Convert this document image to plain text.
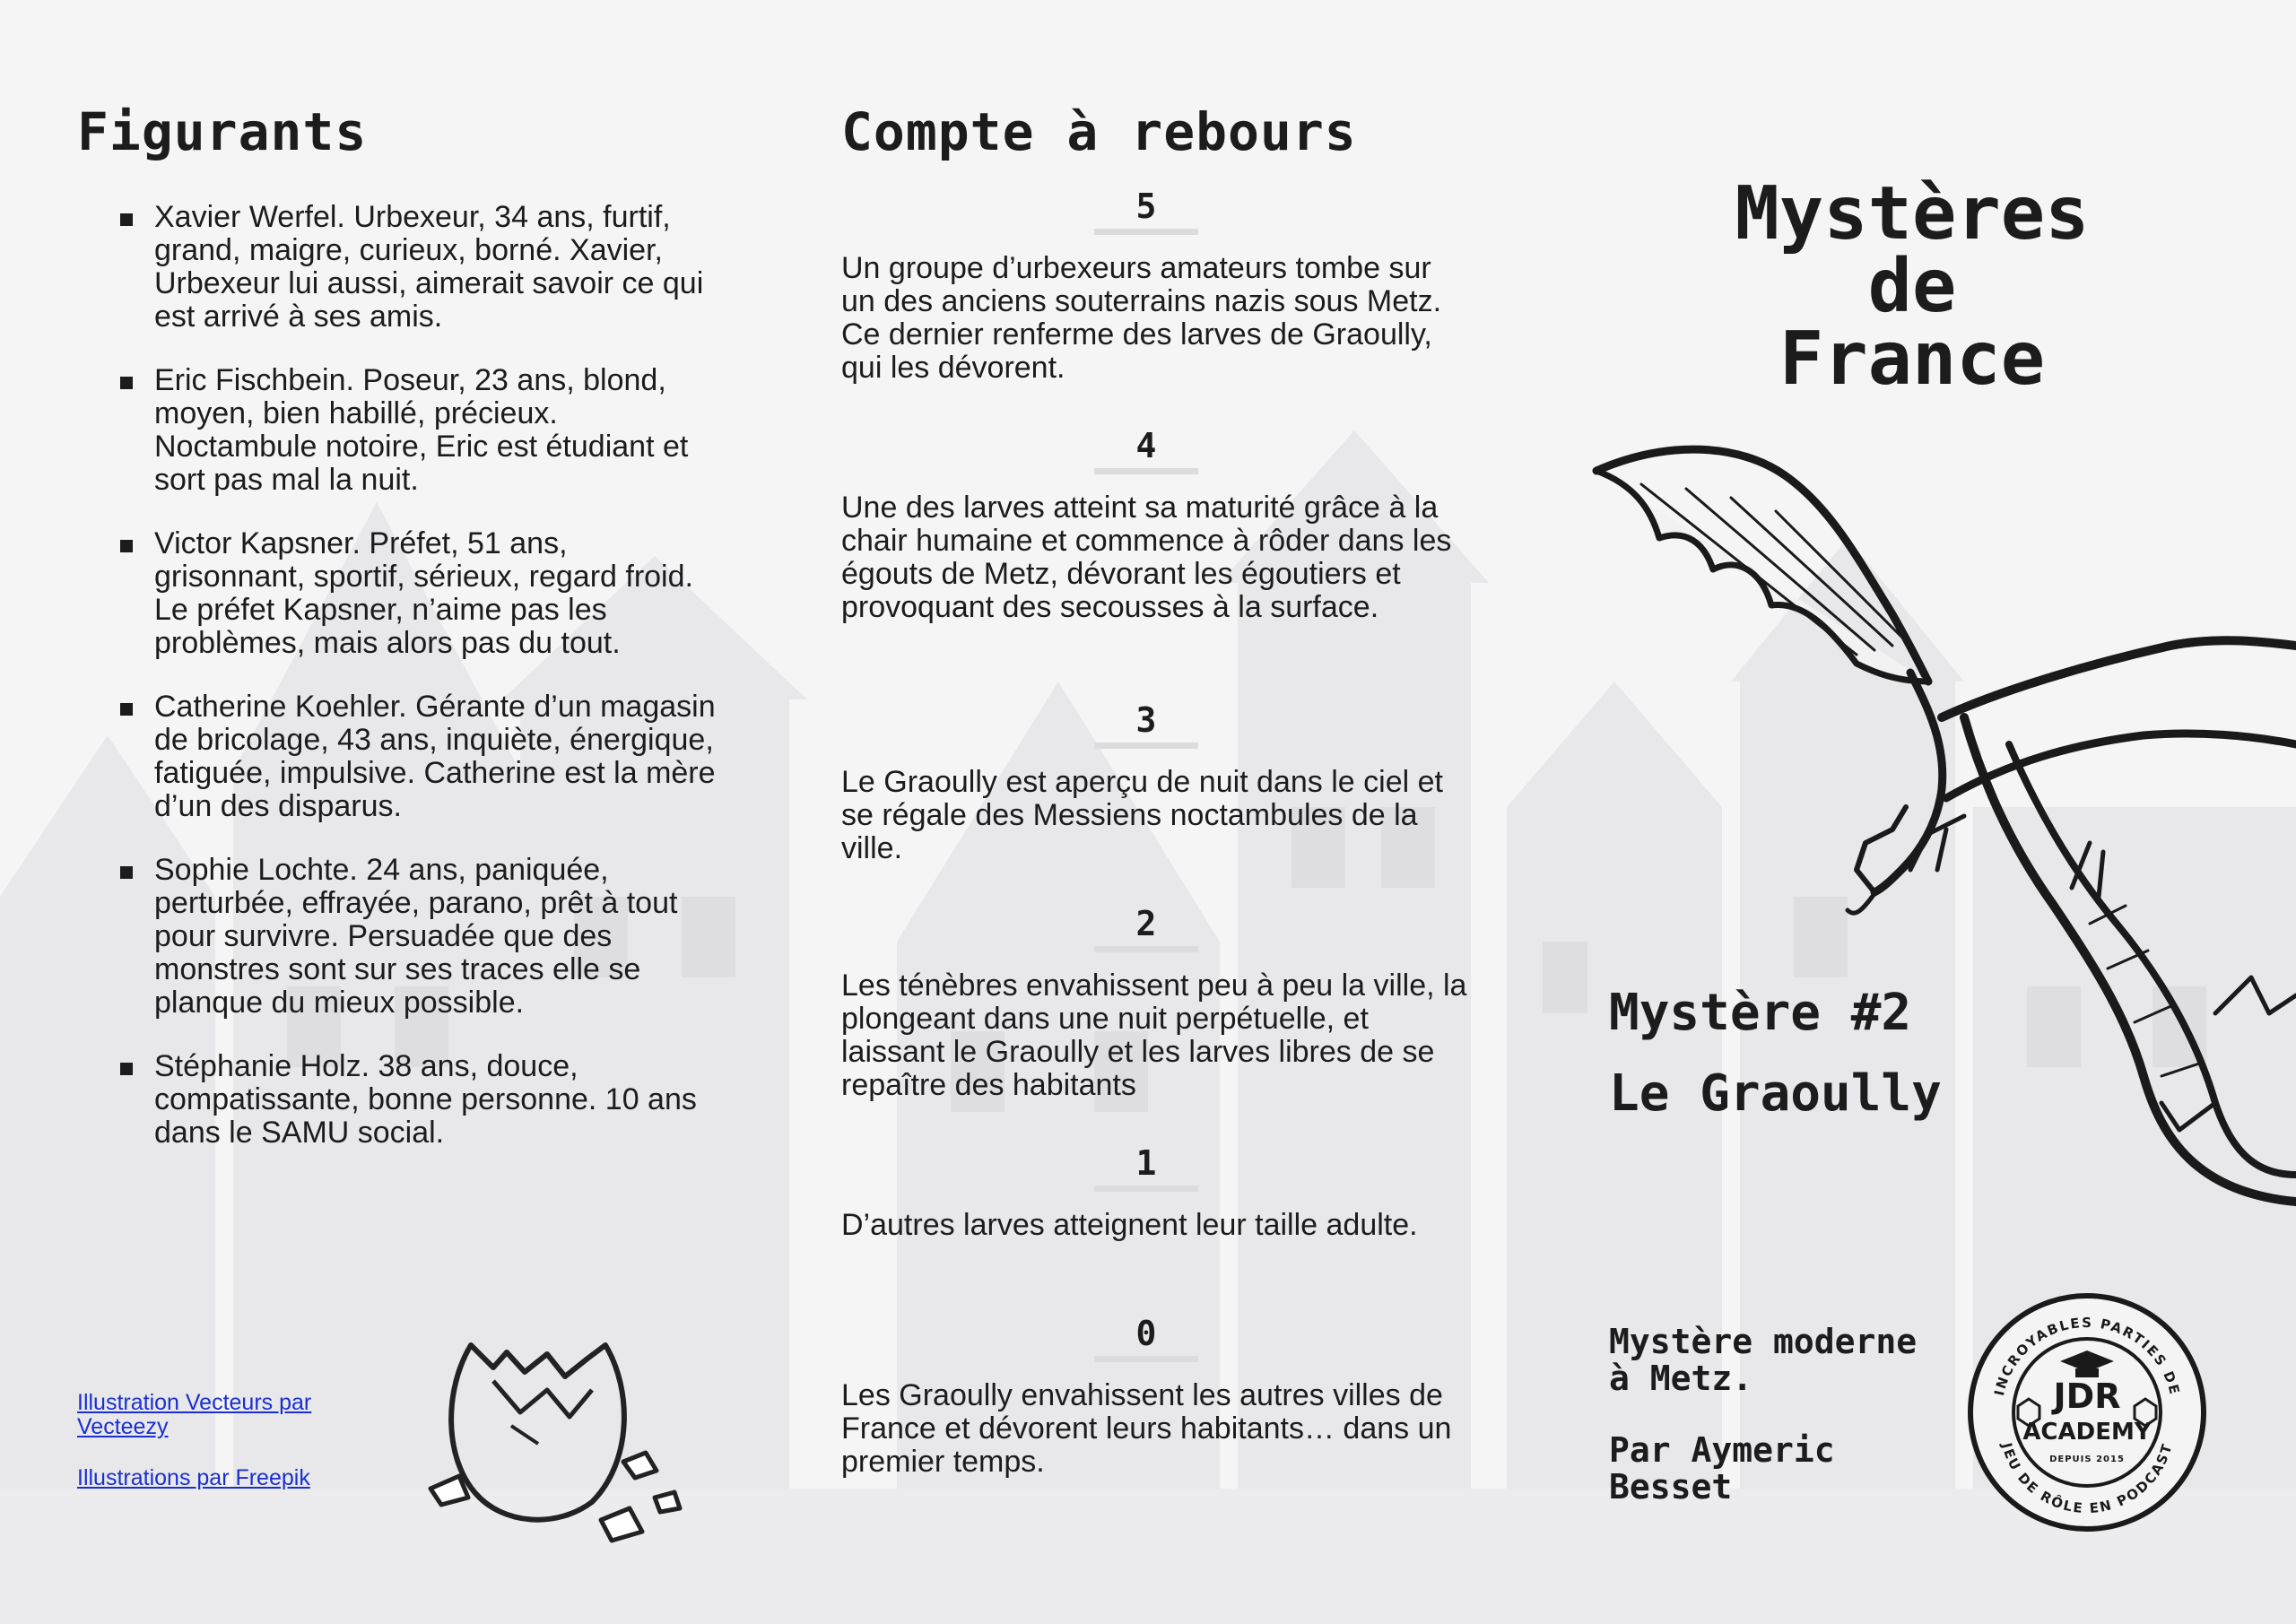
Figurants
Xavier Werfel. Urbexeur, 34 ans, furtif, grand, maigre, curieux, borné. Xavier, Urbexeur lui aussi, aimerait savoir ce qui est arrivé à ses amis.
Eric Fischbein. Poseur, 23 ans, blond, moyen, bien habillé, précieux. Noctambule notoire, Eric est étudiant et sort pas mal la nuit.
Victor Kapsner. Préfet, 51 ans, grisonnant, sportif, sérieux, regard froid. Le préfet Kapsner, n’aime pas les problèmes, mais alors pas du tout.
Catherine Koehler. Gérante d’un magasin de bricolage, 43 ans, inquiète, énergique, fatiguée, impulsive. Catherine est la mère d’un des disparus.
Sophie Lochte. 24 ans, paniquée, perturbée, effrayée, parano, prêt à tout pour survivre. Persuadée que des monstres sont sur ses traces elle se planque du mieux possible.
Stéphanie Holz. 38 ans, douce, compatissante, bonne personne. 10 ans dans le SAMU social.
Illustration Vecteurs par Vecteezy
Illustrations par Freepik
Compte à rebours
5

Un groupe d’urbexeurs amateurs tombe sur un des anciens souterrains nazis sous Metz. Ce dernier renferme des larves de Graoully, qui les dévorent.

4

Une des larves atteint sa maturité grâce à la chair humaine et commence à rôder dans les égouts de Metz, dévorant les égoutiers et provoquant des secousses à la surface.

3

Le Graoully est aperçu de nuit dans le ciel et se régale des Messiens noctambules de la ville.

2

Les ténèbres envahissent peu à peu la ville, la plongeant dans une nuit perpétuelle, et laissant le Graoully et les larves libres de se repaître des habitants

1

D’autres larves atteignent leur taille adulte.

0

Les Graoully envahissent les autres villes de France et dévorent leurs habitants… dans un premier temps.

Mystères
de
France
Mystère #2
Le Graoully
Mystère moderne
à Metz.
Par Aymeric
Besset
INCROYABLES PARTIES DE
JEU DE RÔLE EN PODCAST
JDR
ACADEMY
DEPUIS 2015
